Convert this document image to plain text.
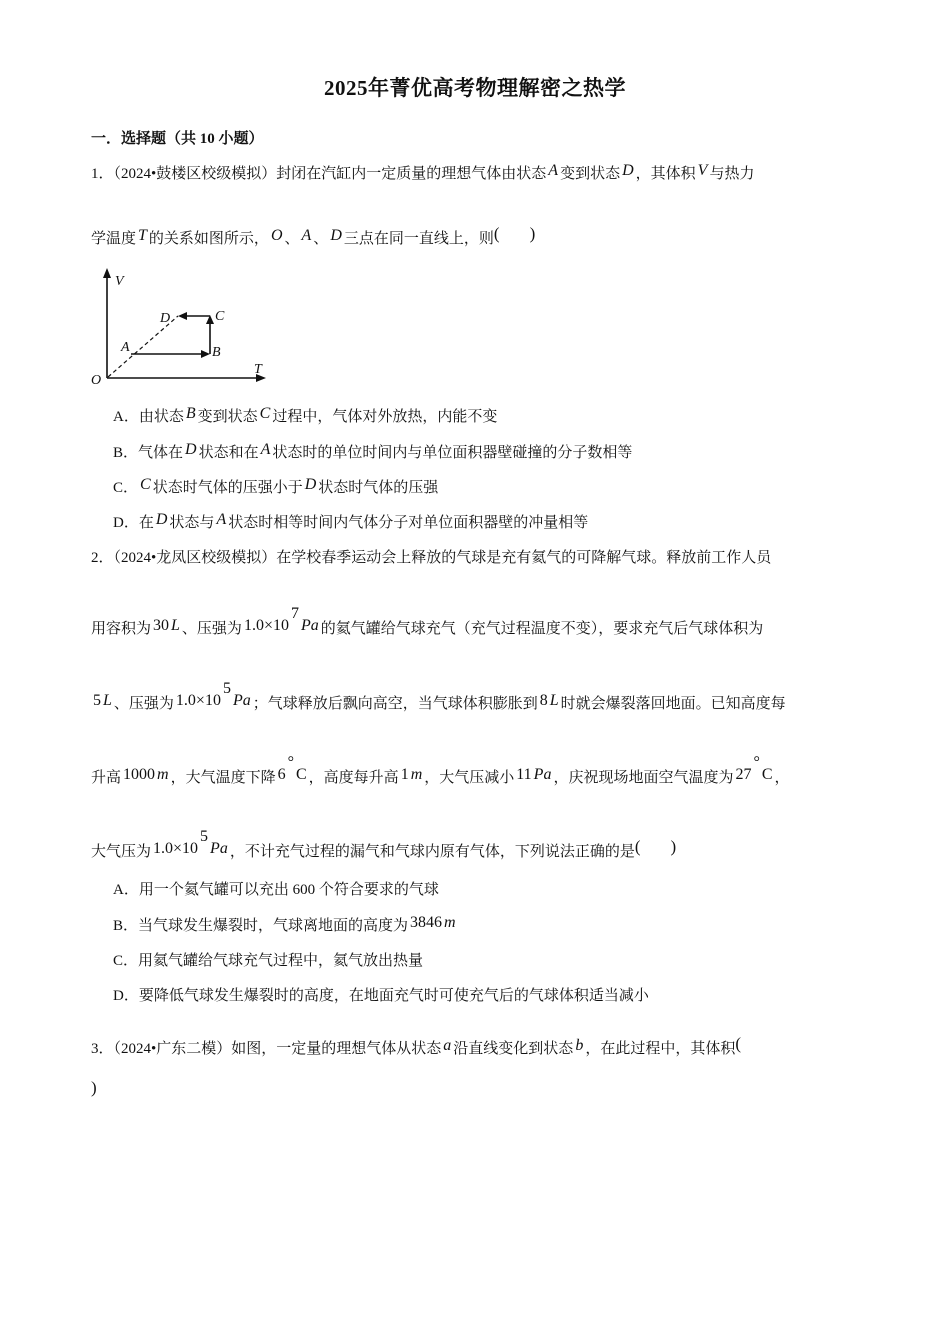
2025年菁优高考物理解密之热学
一．选择题（共 10 小题）
1．（2024•鼓楼区校级模拟）封闭在汽缸内一定质量的理想气体由状态 A 变到状态 D ，其体积 V 与热力
学温度 T 的关系如图所示， O 、 A 、 D 三点在同一直线上，则( )
V
T
O
A	B
C
D
A．由状态 B 变到状态 C 过程中，气体对外放热，内能不变
B．气体在 D 状态和在 A 状态时的单位时间内与单位面积器壁碰撞的分子数相等
C． C 状态时气体的压强小于 D 状态时气体的压强
D．在 D 状态与 A 状态时相等时间内气体分子对单位面积器壁的冲量相等
2．（2024•龙凤区校级模拟）在学校春季运动会上释放的气球是充有氦气的可降解气球。释放前工作人员
用容积为 30 L 、压强为 $1.0\times 10^7Pa$ 的氦气罐给气球充气（充气过程温度不变），要求充气后气球体积为
5 L 、压强为 $1.0\times 10^5Pa$ ；气球释放后飘向高空，当气球体积膨胀到 8 L 时就会爆裂落回地面。已知高度每
升高 1000 m ，大气温度下降 6°C ，高度每升高 1 m ，大气压减小 11 Pa ，庆祝现场地面空气温度为 27°C ，
大气压为 $1.0\times 10^5Pa$ ，不计充气过程的漏气和气球内原有气体，下列说法正确的是( )
A．用一个氦气罐可以充出 600 个符合要求的气球
B．当气球发生爆裂时，气球离地面的高度为 3846 m
C．用氦气罐给气球充气过程中，氦气放出热量
D．要降低气球发生爆裂时的高度，在地面充气时可使充气后的气球体积适当减小
3．（2024•广东二模）如图，一定量的理想气体从状态 a 沿直线变化到状态 b ，在此过程中，其体积(
)
